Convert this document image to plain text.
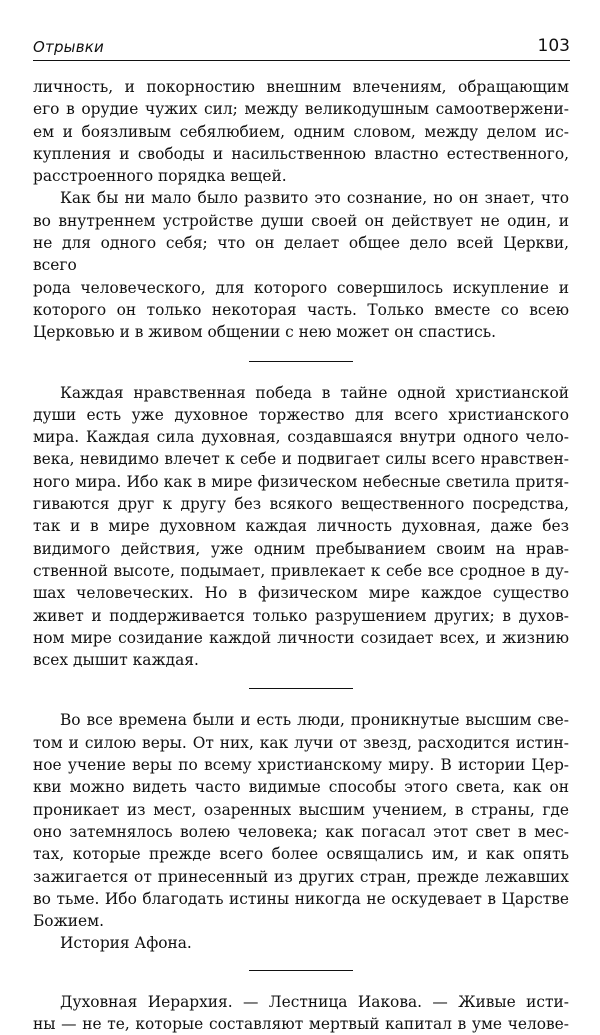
Отрывки	103

личность, и покорностию внешним влечениям, обращающим
его в орудие чужих сил; между великодушным самоотвержени-
ем и боязливым себялюбием, одним словом, между делом ис-
купления и свободы и насильственною властно естественного,
расстроенного порядка вещей.

Как бы ни мало было развито это сознание, но он знает, что
во внутреннем устройстве души своей он действует не один, и
не для одного себя; что он делает общее дело всей Церкви, всего
рода человеческого, для которого совершилось искупление и
которого он только некоторая часть. Только вместе со всею
Церковью и в живом общении с нею может он спастись.

Каждая нравственная победа в тайне одной христианской
души есть уже духовное торжество для всего христианского
мира. Каждая сила духовная, создавшаяся внутри одного чело-
века, невидимо влечет к себе и подвигает силы всего нравствен-
ного мира. Ибо как в мире физическом небесные светила притя-
гиваются друг к другу без всякого вещественного посредства,
так и в мире духовном каждая личность духовная, даже без
видимого действия, уже одним пребыванием своим на нрав-
ственной высоте, подымает, привлекает к себе все сродное в ду-
шах человеческих. Но в физическом мире каждое существо
живет и поддерживается только разрушением других; в духов-
ном мире созидание каждой личности созидает всех, и жизнию
всех дышит каждая.

Во все времена были и есть люди, проникнутые высшим све-
том и силою веры. От них, как лучи от звезд, расходится истин-
ное учение веры по всему христианскому миру. В истории Цер-
кви можно видеть часто видимые способы этого света, как он
проникает из мест, озаренных высшим учением, в страны, где
оно затемнялось волею человека; как погасал этот свет в мес-
тах, которые прежде всего более освящались им, и как опять
зажигается от принесенный из других стран, прежде лежавших
во тьме. Ибо благодать истины никогда не оскудевает в Царстве
Божием.

История Афона.

Духовная Иерархия. — Лестница Иакова. — Живые исти-
ны — не те, которые составляют мертвый капитал в уме челове-
